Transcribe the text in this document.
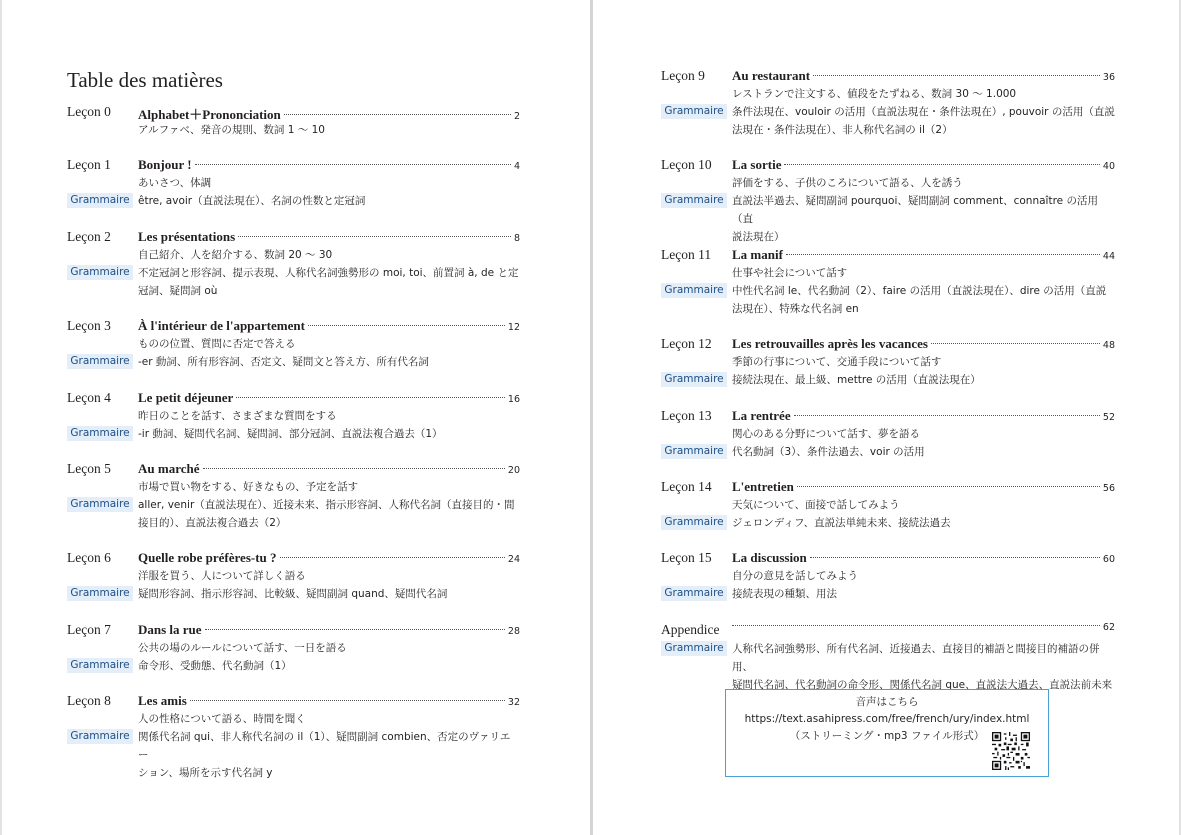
Table des matières
Leçon 0 Alphabet＋Prononciation	2
アルファベ、発音の規則、数詞 1 ～ 10
Leçon 1 Bonjour !	4
あいさつ、体調
Grammaire être, avoir（直説法現在）、名詞の性数と定冠詞
Leçon 2 Les présentations	8
自己紹介、人を紹介する、数詞 20 ～ 30
Grammaire 不定冠詞と形容詞、提示表現、人称代名詞強勢形の moi, toi、前置詞 à, de と定
冠詞、疑問詞 où
Leçon 3 À l'intérieur de l'appartement	12
ものの位置、質問に否定で答える
Grammaire -er 動詞、所有形容詞、否定文、疑問文と答え方、所有代名詞
Leçon 4 Le petit déjeuner	16
昨日のことを話す、さまざまな質問をする
Grammaire -ir 動詞、疑問代名詞、疑問詞、部分冠詞、直説法複合過去（1）
Leçon 5 Au marché	20
市場で買い物をする、好きなもの、予定を話す
Grammaire aller, venir（直説法現在）、近接未来、指示形容詞、人称代名詞（直接目的・間
接目的）、直説法複合過去（2）
Leçon 6 Quelle robe préfères-tu ?	24
洋服を買う、人について詳しく語る
Grammaire 疑問形容詞、指示形容詞、比較級、疑問副詞 quand、疑問代名詞
Leçon 7 Dans la rue	28
公共の場のルールについて話す、一日を語る
Grammaire 命令形、受動態、代名動詞（1）
Leçon 8 Les amis	32
人の性格について語る、時間を聞く
Grammaire 関係代名詞 qui、非人称代名詞の il（1）、疑問副詞 combien、否定のヴァリエー
ション、場所を示す代名詞 y
Leçon 9 Au restaurant	36
レストランで注文する、値段をたずねる、数詞 30 ～ 1.000
Grammaire 条件法現在、vouloir の活用（直説法現在・条件法現在）, pouvoir の活用（直説
法現在・条件法現在）、非人称代名詞の il（2）
Leçon 10 La sortie	40
評価をする、子供のころについて語る、人を誘う
Grammaire 直説法半過去、疑問副詞 pourquoi、疑問副詞 comment、connaître の活用（直
説法現在）
Leçon 11 La manif	44
仕事や社会について話す
Grammaire 中性代名詞 le、代名動詞（2）、faire の活用（直説法現在）、dire の活用（直説
法現在）、特殊な代名詞 en
Leçon 12 Les retrouvailles après les vacances	48
季節の行事について、交通手段について話す
Grammaire 接続法現在、最上級、mettre の活用（直説法現在）
Leçon 13 La rentrée	52
関心のある分野について話す、夢を語る
Grammaire 代名動詞（3）、条件法過去、voir の活用
Leçon 14 L'entretien	56
天気について、面接で話してみよう
Grammaire ジェロンディフ、直説法単純未来、接続法過去
Leçon 15 La discussion	60
自分の意見を話してみよう
Grammaire 接続表現の種類、用法
Appendice	62
Grammaire 人称代名詞強勢形、所有代名詞、近接過去、直接目的補語と間接目的補語の併用、
疑問代名詞、代名動詞の命令形、関係代名詞 que、直説法大過去、直説法前未来
音声はこちら
https://text.asahipress.com/free/french/ury/index.html
（ストリーミング・mp3 ファイル形式）
